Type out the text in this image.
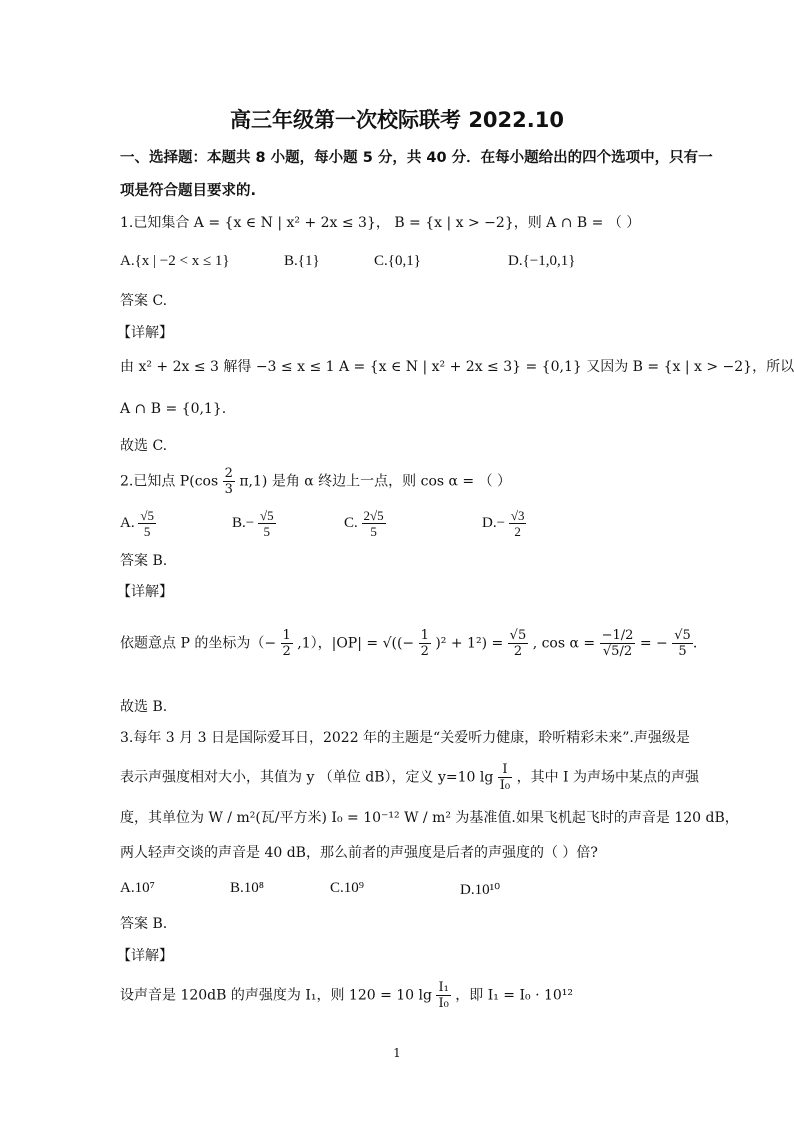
高三年级第一次校际联考 2022.10
一、选择题：本题共 8 小题，每小题 5 分，共 40 分．在每小题给出的四个选项中，只有一
项是符合题目要求的.
1.已知集合 A = {x ∈ N | x² + 2x ≤ 3}， B = {x | x > −2}，则 A ∩ B = （ ）
A.{x | −2 < x ≤ 1}	B.{1}	C.{0,1}	D.{−1,0,1}
答案 C.
【详解】
由 x² + 2x ≤ 3 解得 −3 ≤ x ≤ 1 A = {x ∈ N | x² + 2x ≤ 3} = {0,1} 又因为 B = {x | x > −2}，所以
A ∩ B = {0,1}.
故选 C.
2.已知点 $P(\cos \frac{2}{3} \pi,1)$ 是角 α 终边上一点，则 cos α = （ ）
A. $\frac{√5}{5}$	$B.- \frac{√5}{5}$	C. $\frac{2√5}{5}$	$D.- \frac{√3}{2}$
答案 B.
【详解】
依题意点 P 的坐标为（− $\frac{1}{2} ,1$），|OP| = √((− $\frac{1}{2} )^2 + 1^2) = \frac{√5}{2}$ , $\cos \alpha = \frac{-1/2}{√5/2}$ = − $\frac{√5}{5}$ .
故选 B.
3.每年 3 月 3 日是国际爱耳日，2022 年的主题是“关爱听力健康，聆听精彩未来”.声强级是
表示声强度相对大小，其值为 y （单位 dB），定义 y=10 $\lg \frac{I}{\text{I₀}}$ ，其中 I 为声场中某点的声强
度，其单位为 W / m²(瓦/平方米) I₀ = 10⁻¹² W / m² 为基准值.如果飞机起飞时的声音是 120 dB，
两人轻声交谈的声音是 40 dB，那么前者的声强度是后者的声强度的（ ）倍?
A.10⁷	B.10⁸	C.10⁹	D.10¹⁰
答案 B.
【详解】
设声音是 120dB 的声强度为 I₁，则 120 = 10 $\lg \frac{\text{I₁}}{\text{I₀}}$ ，即 I₁ = I₀ · 10¹²
1
